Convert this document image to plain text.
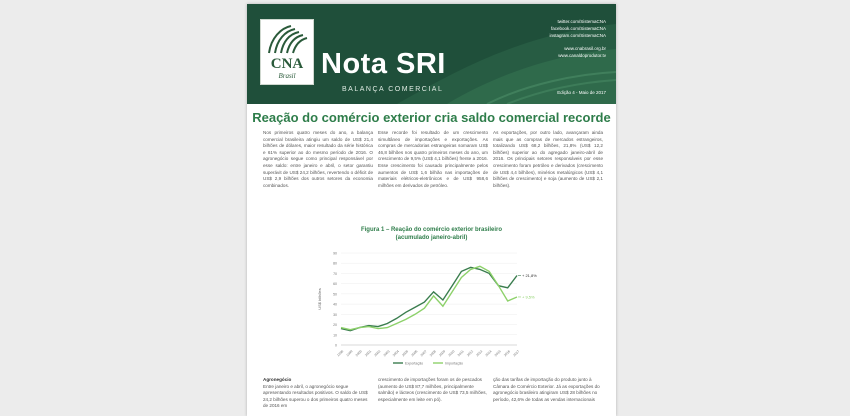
CNA
Brasil Nota SRI
BALANÇA COMERCIAL
twitter.com/SistemaCNA
facebook.com/SistemaCNA
instagram.com/SistemaCNA
www.cnabrasil.org.br
www.canaldoprodutor.tv
Edição 4 - Maio de 2017
Reação do comércio exterior cria saldo comercial recorde
Nos primeiros quatro meses do ano, a balança comercial brasileira atingiu um saldo de US$ 21,4 bilhões de dólares, maior resultado da série histórica e 61% superior ao do mesmo período de 2016. O agronegócio segue como principal responsável por esse saldo: entre janeiro e abril, o setor garantiu superávit de US$ 24,2 bilhões, revertendo o déficit de US$ 2,9 bilhões dos outros setores da economia combinados.
Esse recorde foi resultado de um crescimento simultâneo de importações e exportações. As compras de mercadorias estrangeiras somaram US$ 46,8 bilhões nos quatro primeiros meses do ano, um crescimento de 9,5% (US$ 4,1 bilhões) frente a 2016. Esse crescimento foi causado principalmente pelos aumentos de US$ 1,6 bilhão nas importações de materiais elétricos-eletrônicos e de US$ 958,6 milhões em derivados de petróleo.
As exportações, por outro lado, avançaram ainda mais que as compras de mercados estrangeiros, totalizando US$ 68,2 bilhões, 21,8% (US$ 12,2 bilhões) superior ao do agregado janeiro-abril de 2016. Os principais setores responsáveis por esse crescimento foram petróleo e derivados (crescimento de US$ 4,4 bilhões), minérios metalúrgicos (US$ 4,1 bilhões de crescimento) e soja (aumento de US$ 2,1 bilhões).
Figura 1 – Reação do comércio exterior brasileiro
(acumulado janeiro-abril)
0
10
20
30
40
50
60
70
80
90
US$ bilhões
1998 1999 2000 2001 2002 2003 2004 2005 2006 2007 2008 2009 2010 2011 2012 2013 2014 2015 2016 2017
+ 21,8%
+ 9,5%
Exportação	Importação
Agronegócio
Entre janeiro e abril, o agronegócio segue apresentando resultados positivos. O saldo de US$ 24,2 bilhões superou o dos primeiros quatro meses de 2016 em
crescimento de importações foram os de pescados (aumento de US$ 87,7 milhões, principalmente salmão) e lácteos (crescimento de US$ 73,5 milhões, especialmente em leite em pó).
ção das tarifas de importação do produto junto à Câmara de Comércio Exterior. Já as exportações do agronegócio brasileiro atingiram US$ 28 bilhões no período, 42,6% de todas as vendas internacionais
